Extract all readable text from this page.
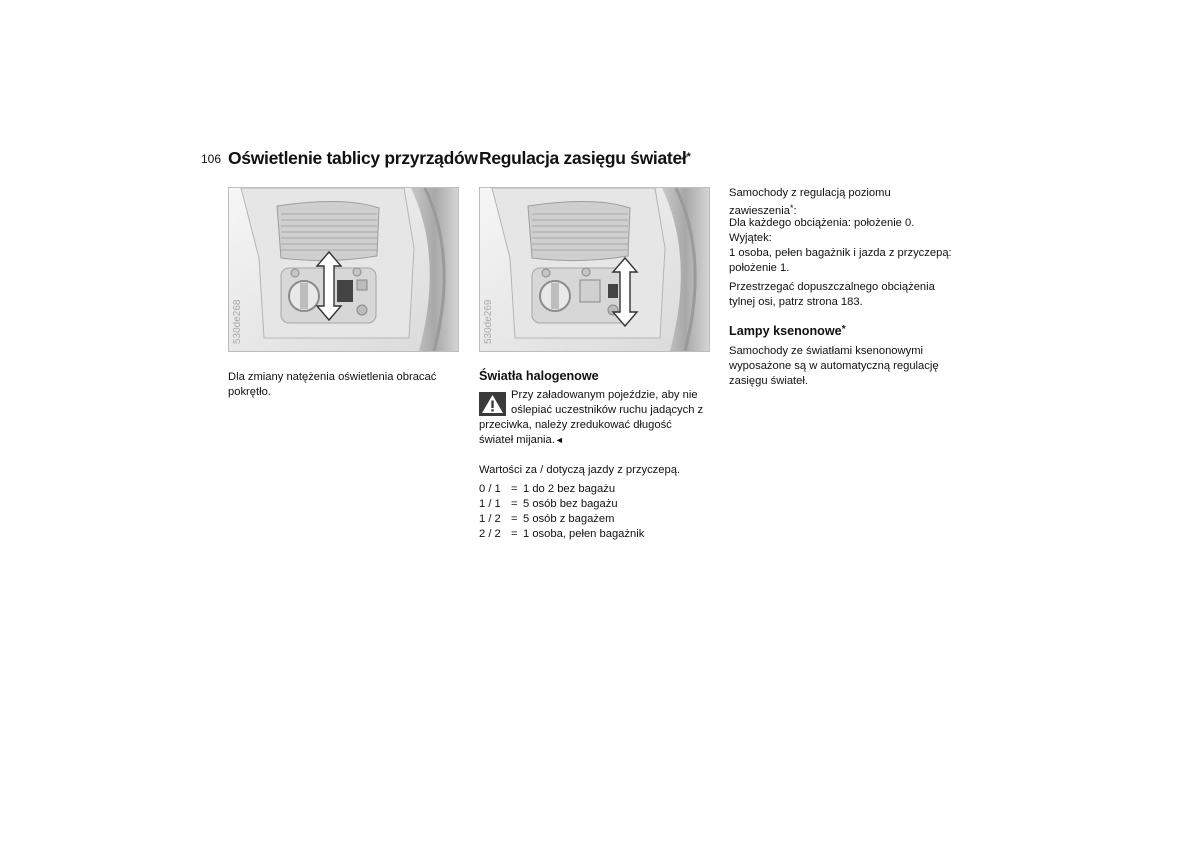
106 Oświetlenie tablicy przyrządów Regulacja zasięgu świateł*
530de268	530de269
Dla zmiany natężenia oświetlenia obracać pokrętło.
Światła halogenowe
Przy załadowanym pojeździe, aby nie
oślepiać uczestników ruchu jadących z
przeciwka, należy zredukować długość
świateł mijania.◄
Wartości za / dotyczą jazdy z przyczepą.
0 / 1 = 1 do 2 bez bagażu
1 / 1 = 5 osób bez bagażu
1 / 2 = 5 osób z bagażem
2 / 2 = 1 osoba, pełen bagażnik
Samochody z regulacją poziomu
zawieszenia*:
Dla każdego obciążenia: położenie 0.
Wyjątek:
1 osoba, pełen bagażnik i jazda z przyczepą:
położenie 1.
Przestrzegać dopuszczalnego obciążenia
tylnej osi, patrz strona 183.
Lampy ksenonowe*
Samochody ze światłami ksenonowymi
wyposażone są w automatyczną regulację
zasięgu świateł.
